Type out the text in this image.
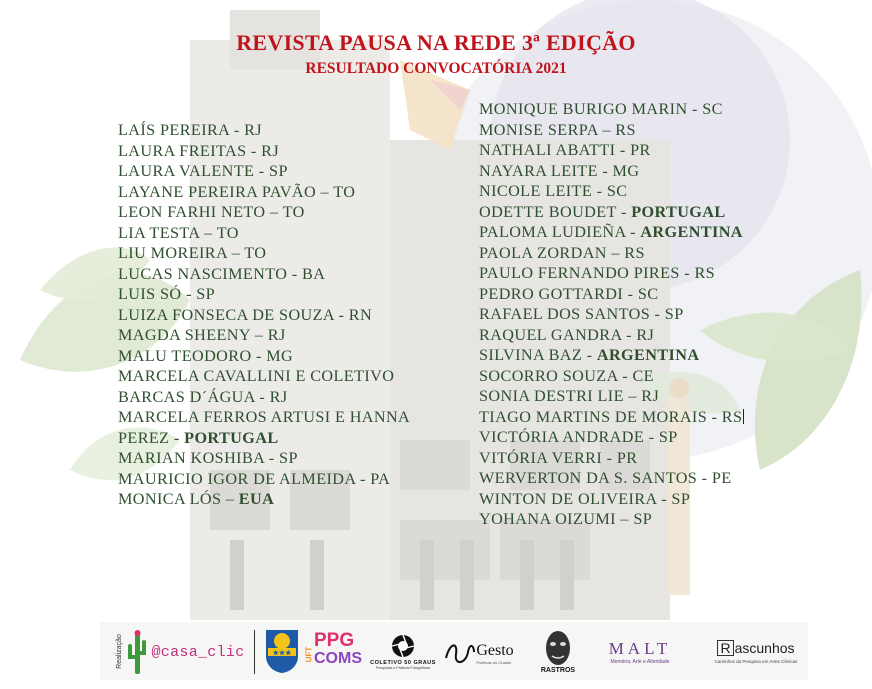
REVISTA PAUSA NA REDE 3ª EDIÇÃO
RESULTADO CONVOCATÓRIA 2021
LAÍS PEREIRA - RJ
LAURA FREITAS - RJ
LAURA VALENTE - SP
LAYANE PEREIRA PAVÃO – TO
LEON FARHI NETO – TO
LIA TESTA – TO
LIU MOREIRA – TO
LUCAS NASCIMENTO - BA
LUIS SÓ - SP
LUIZA FONSECA DE SOUZA - RN
MAGDA SHEENY – RJ
MALU TEODORO - MG
MARCELA CAVALLINI E COLETIVO
BARCAS D´ÁGUA - RJ
MARCELA FERROS ARTUSI E HANNA
PEREZ - PORTUGAL
MARIAN KOSHIBA - SP
MAURICIO IGOR DE ALMEIDA - PA
MONICA LÓS – EUA
MONIQUE BURIGO MARIN - SC
MONISE SERPA – RS
NATHALI ABATTI - PR
NAYARA LEITE - MG
NICOLE LEITE - SC
ODETTE BOUDET - PORTUGAL
PALOMA LUDIEÑA - ARGENTINA
PAOLA ZORDAN – RS
PAULO FERNANDO PIRES - RS
PEDRO GOTTARDI - SC
RAFAEL DOS SANTOS - SP
RAQUEL GANDRA - RJ
SILVINA BAZ - ARGENTINA
SOCORRO SOUZA - CE
SONIA DESTRI LIE – RJ
TIAGO MARTINS DE MORAIS - RS
VICTÓRIA ANDRADE - SP
VITÓRIA VERRI - PR
WERVERTON DA S. SANTOS - PE
WINTON DE OLIVEIRA - SP
YOHANA OIZUMI – SP
Realização @casa_clic	★★★ UFT
PPG
COMS	COLETIVO 50 GRAUS
Pesquisas e Práticas Fotográficas
Gesto
Poéticas do Criador
RASTROS
MALT
Memória, Arte e Alteridade
R ascunhos
Caminhos da Pesquisa em Artes Cênicas
